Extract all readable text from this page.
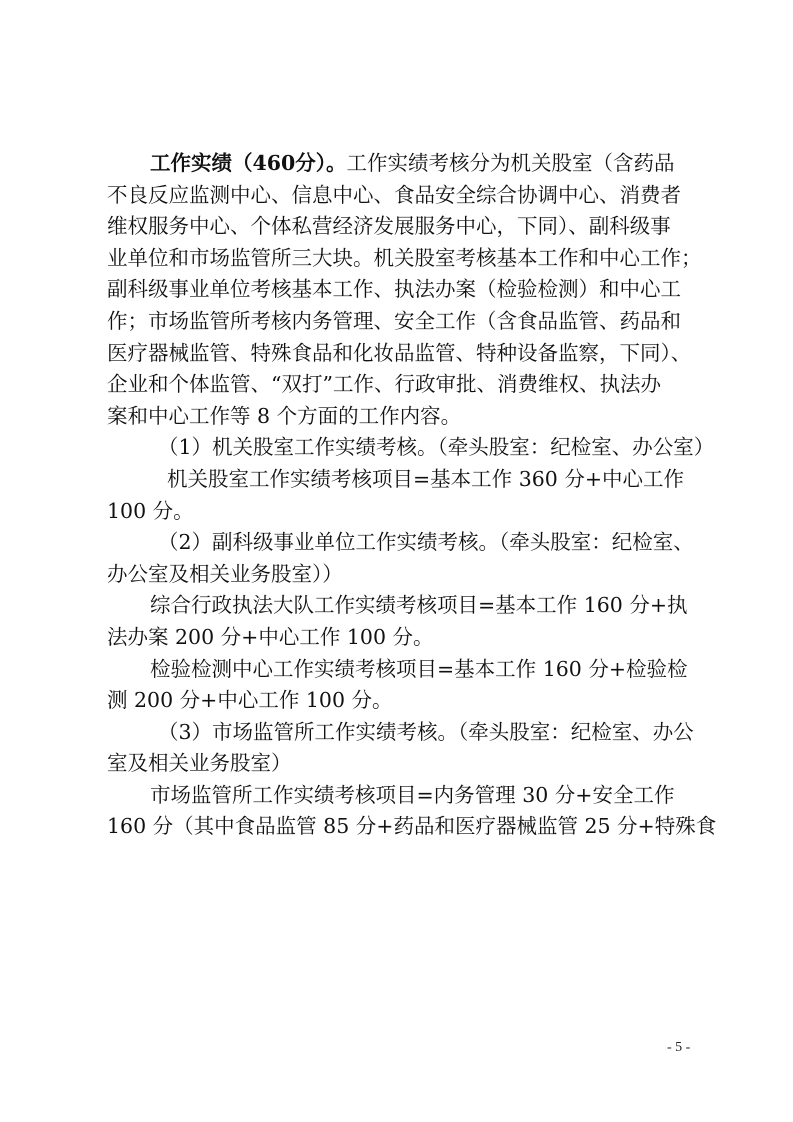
工作实绩（460分）。工作实绩考核分为机关股室（含药品
不良反应监测中心、信息中心、食品安全综合协调中心、消费者
维权服务中心、个体私营经济发展服务中心，下同）、副科级事
业单位和市场监管所三大块。机关股室考核基本工作和中心工作；
副科级事业单位考核基本工作、执法办案（检验检测）和中心工
作；市场监管所考核内务管理、安全工作（含食品监管、药品和
医疗器械监管、特殊食品和化妆品监管、特种设备监察，下同）、
企业和个体监管、“双打”工作、行政审批、消费维权、执法办
案和中心工作等 8 个方面的工作内容。
（1）机关股室工作实绩考核。（牵头股室：纪检室、办公室）
机关股室工作实绩考核项目=基本工作 360 分+中心工作
100 分。
（2）副科级事业单位工作实绩考核。（牵头股室：纪检室、
办公室及相关业务股室））
综合行政执法大队工作实绩考核项目=基本工作 160 分+执
法办案 200 分+中心工作 100 分。
检验检测中心工作实绩考核项目=基本工作 160 分+检验检
测 200 分+中心工作 100 分。
（3）市场监管所工作实绩考核。（牵头股室：纪检室、办公
室及相关业务股室）
市场监管所工作实绩考核项目=内务管理 30 分+安全工作
160 分（其中食品监管 85 分+药品和医疗器械监管 25 分+特殊食
- 5 -
